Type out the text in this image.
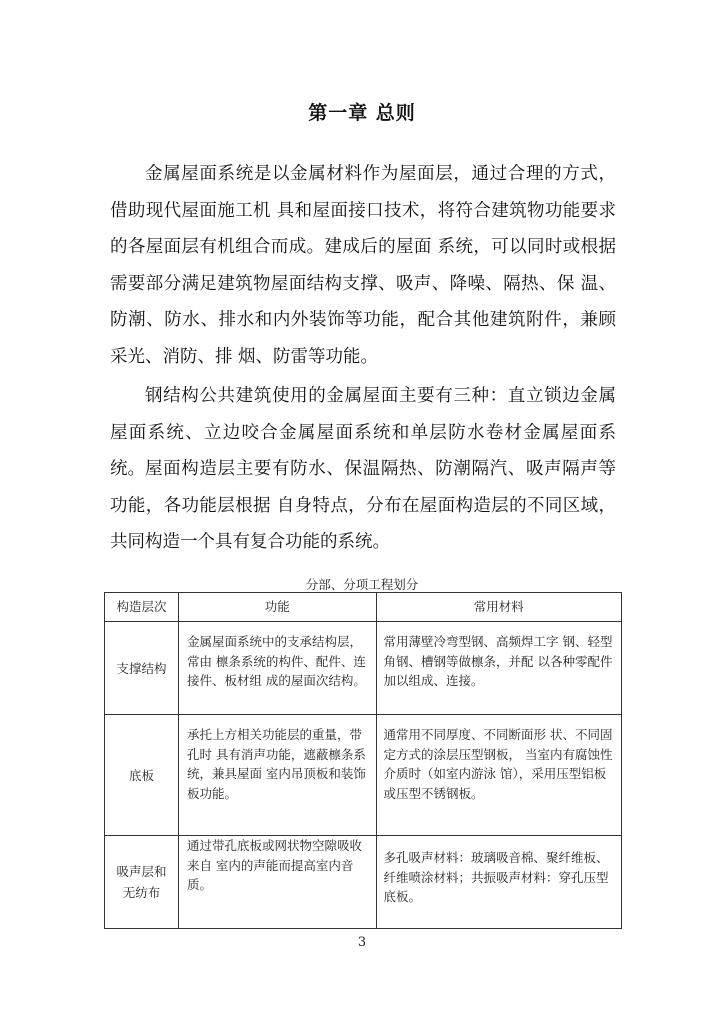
第一章 总则

金属屋面系统是以金属材料作为屋面层，通过合理的方式，借助现代屋面施工机 具和屋面接口技术，将符合建筑物功能要求的各屋面层有机组合而成。建成后的屋面 系统，可以同时或根据需要部分满足建筑物屋面结构支撑、吸声、降噪、隔热、保 温、防潮、防水、排水和内外装饰等功能，配合其他建筑附件，兼顾采光、消防、排 烟、防雷等功能。

钢结构公共建筑使用的金属屋面主要有三种：直立锁边金属屋面系统、立边咬合金属屋面系统和单层防水卷材金属屋面系统。 屋面构造层主要有防水、保温隔热、防潮隔汽、吸声隔声等功能，各功能层根据 自身特点，分布在屋面构造层的不同区域，共同构造一个具有复合功能的系统。

分部、分项工程划分
构造层次	功能	常用材料
支撑结构	金属屋面系统中的支承结构层，常由 檩条系统的构件、配件、连接件、板材组 成的屋面次结构。	常用薄壁冷弯型钢、高频焊工字 钢、轻型角钢、槽钢等做檩条，并配 以各种零配件加以组成、连接。
底板	承托上方相关功能层的重量，带孔时 具有消声功能，遮蔽檩条系统，兼具屋面 室内吊顶板和装饰板功能。	通常用不同厚度、不同断面形 状、不同固定方式的涂层压型钢板， 当室内有腐蚀性介质时（如室内游泳 馆），采用压型铝板或压型不锈钢板。
吸声层和无纺布	通过带孔底板或网状物空隙吸收来自 室内的声能而提高室内音质。	多孔吸声材料：玻璃吸音棉、聚纤维板、纤维喷涂材料；共振吸声材料：穿孔压型底板。
3
